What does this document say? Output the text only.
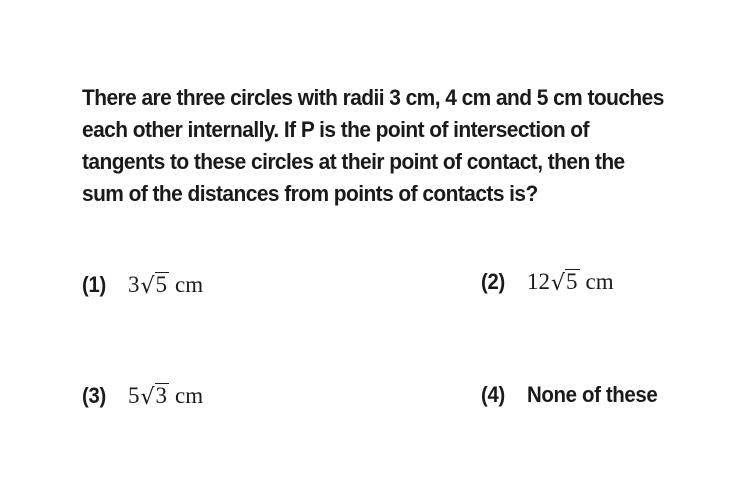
There are three circles with radii 3 cm, 4 cm and 5 cm touches
each other internally. If P is the point of intersection of
tangents to these circles at their point of contact, then the
sum of the distances from points of contacts is?
(1) 3 √ 5 cm	(2) 12 √ 5 cm
(3) 5 √ 3 cm	(4)	None of these
